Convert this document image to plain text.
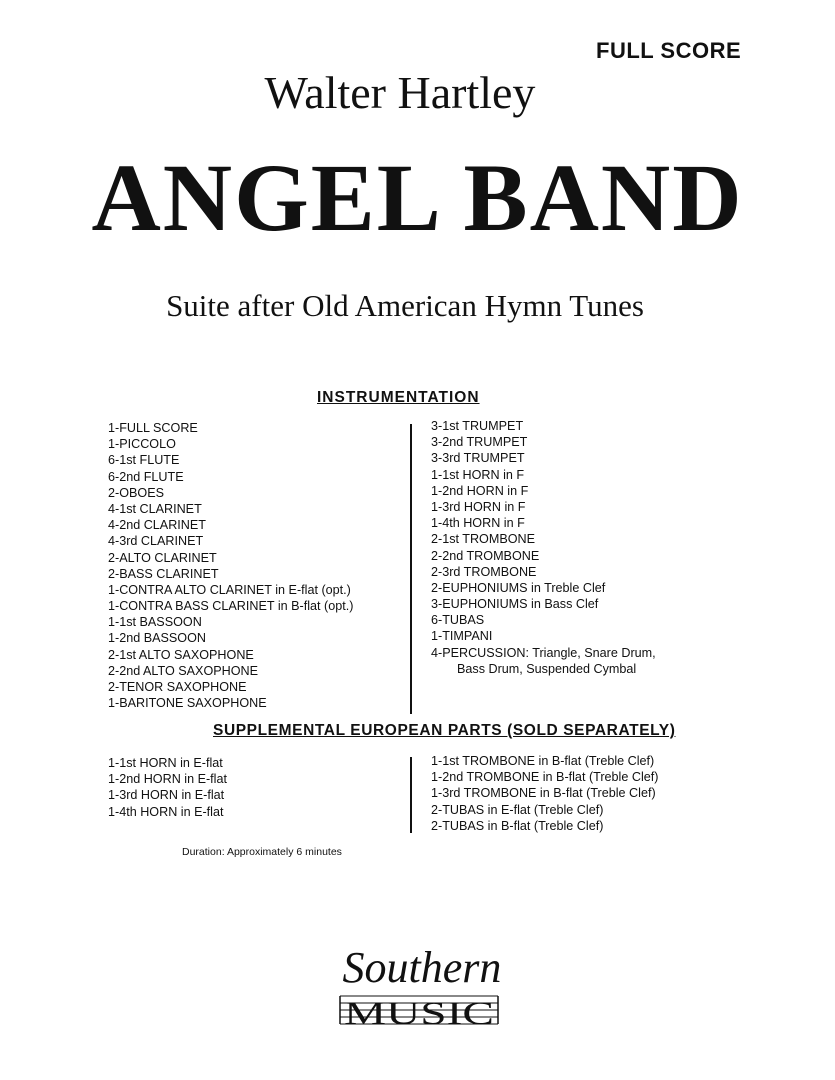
FULL SCORE
Walter Hartley
ANGEL BAND
Suite after Old American Hymn Tunes
INSTRUMENTATION
1-FULL SCORE
1-PICCOLO
6-1st FLUTE
6-2nd FLUTE
2-OBOES
4-1st CLARINET
4-2nd CLARINET
4-3rd CLARINET
2-ALTO CLARINET
2-BASS CLARINET
1-CONTRA ALTO CLARINET in E-flat (opt.)
1-CONTRA BASS CLARINET in B-flat (opt.)
1-1st BASSOON
1-2nd BASSOON
2-1st ALTO SAXOPHONE
2-2nd ALTO SAXOPHONE
2-TENOR SAXOPHONE
1-BARITONE SAXOPHONE
3-1st TRUMPET
3-2nd TRUMPET
3-3rd TRUMPET
1-1st HORN in F
1-2nd HORN in F
1-3rd HORN in F
1-4th HORN in F
2-1st TROMBONE
2-2nd TROMBONE
2-3rd TROMBONE
2-EUPHONIUMS in Treble Clef
3-EUPHONIUMS in Bass Clef
6-TUBAS
1-TIMPANI
4-PERCUSSION: Triangle, Snare Drum,
Bass Drum, Suspended Cymbal
SUPPLEMENTAL EUROPEAN PARTS (SOLD SEPARATELY)
1-1st HORN in E-flat
1-2nd HORN in E-flat
1-3rd HORN in E-flat
1-4th HORN in E-flat
1-1st TROMBONE in B-flat (Treble Clef)
1-2nd TROMBONE in B-flat (Treble Clef)
1-3rd TROMBONE in B-flat (Treble Clef)
2-TUBAS in E-flat (Treble Clef)
2-TUBAS in B-flat (Treble Clef)
Duration: Approximately 6 minutes
Southern
MUSIC
